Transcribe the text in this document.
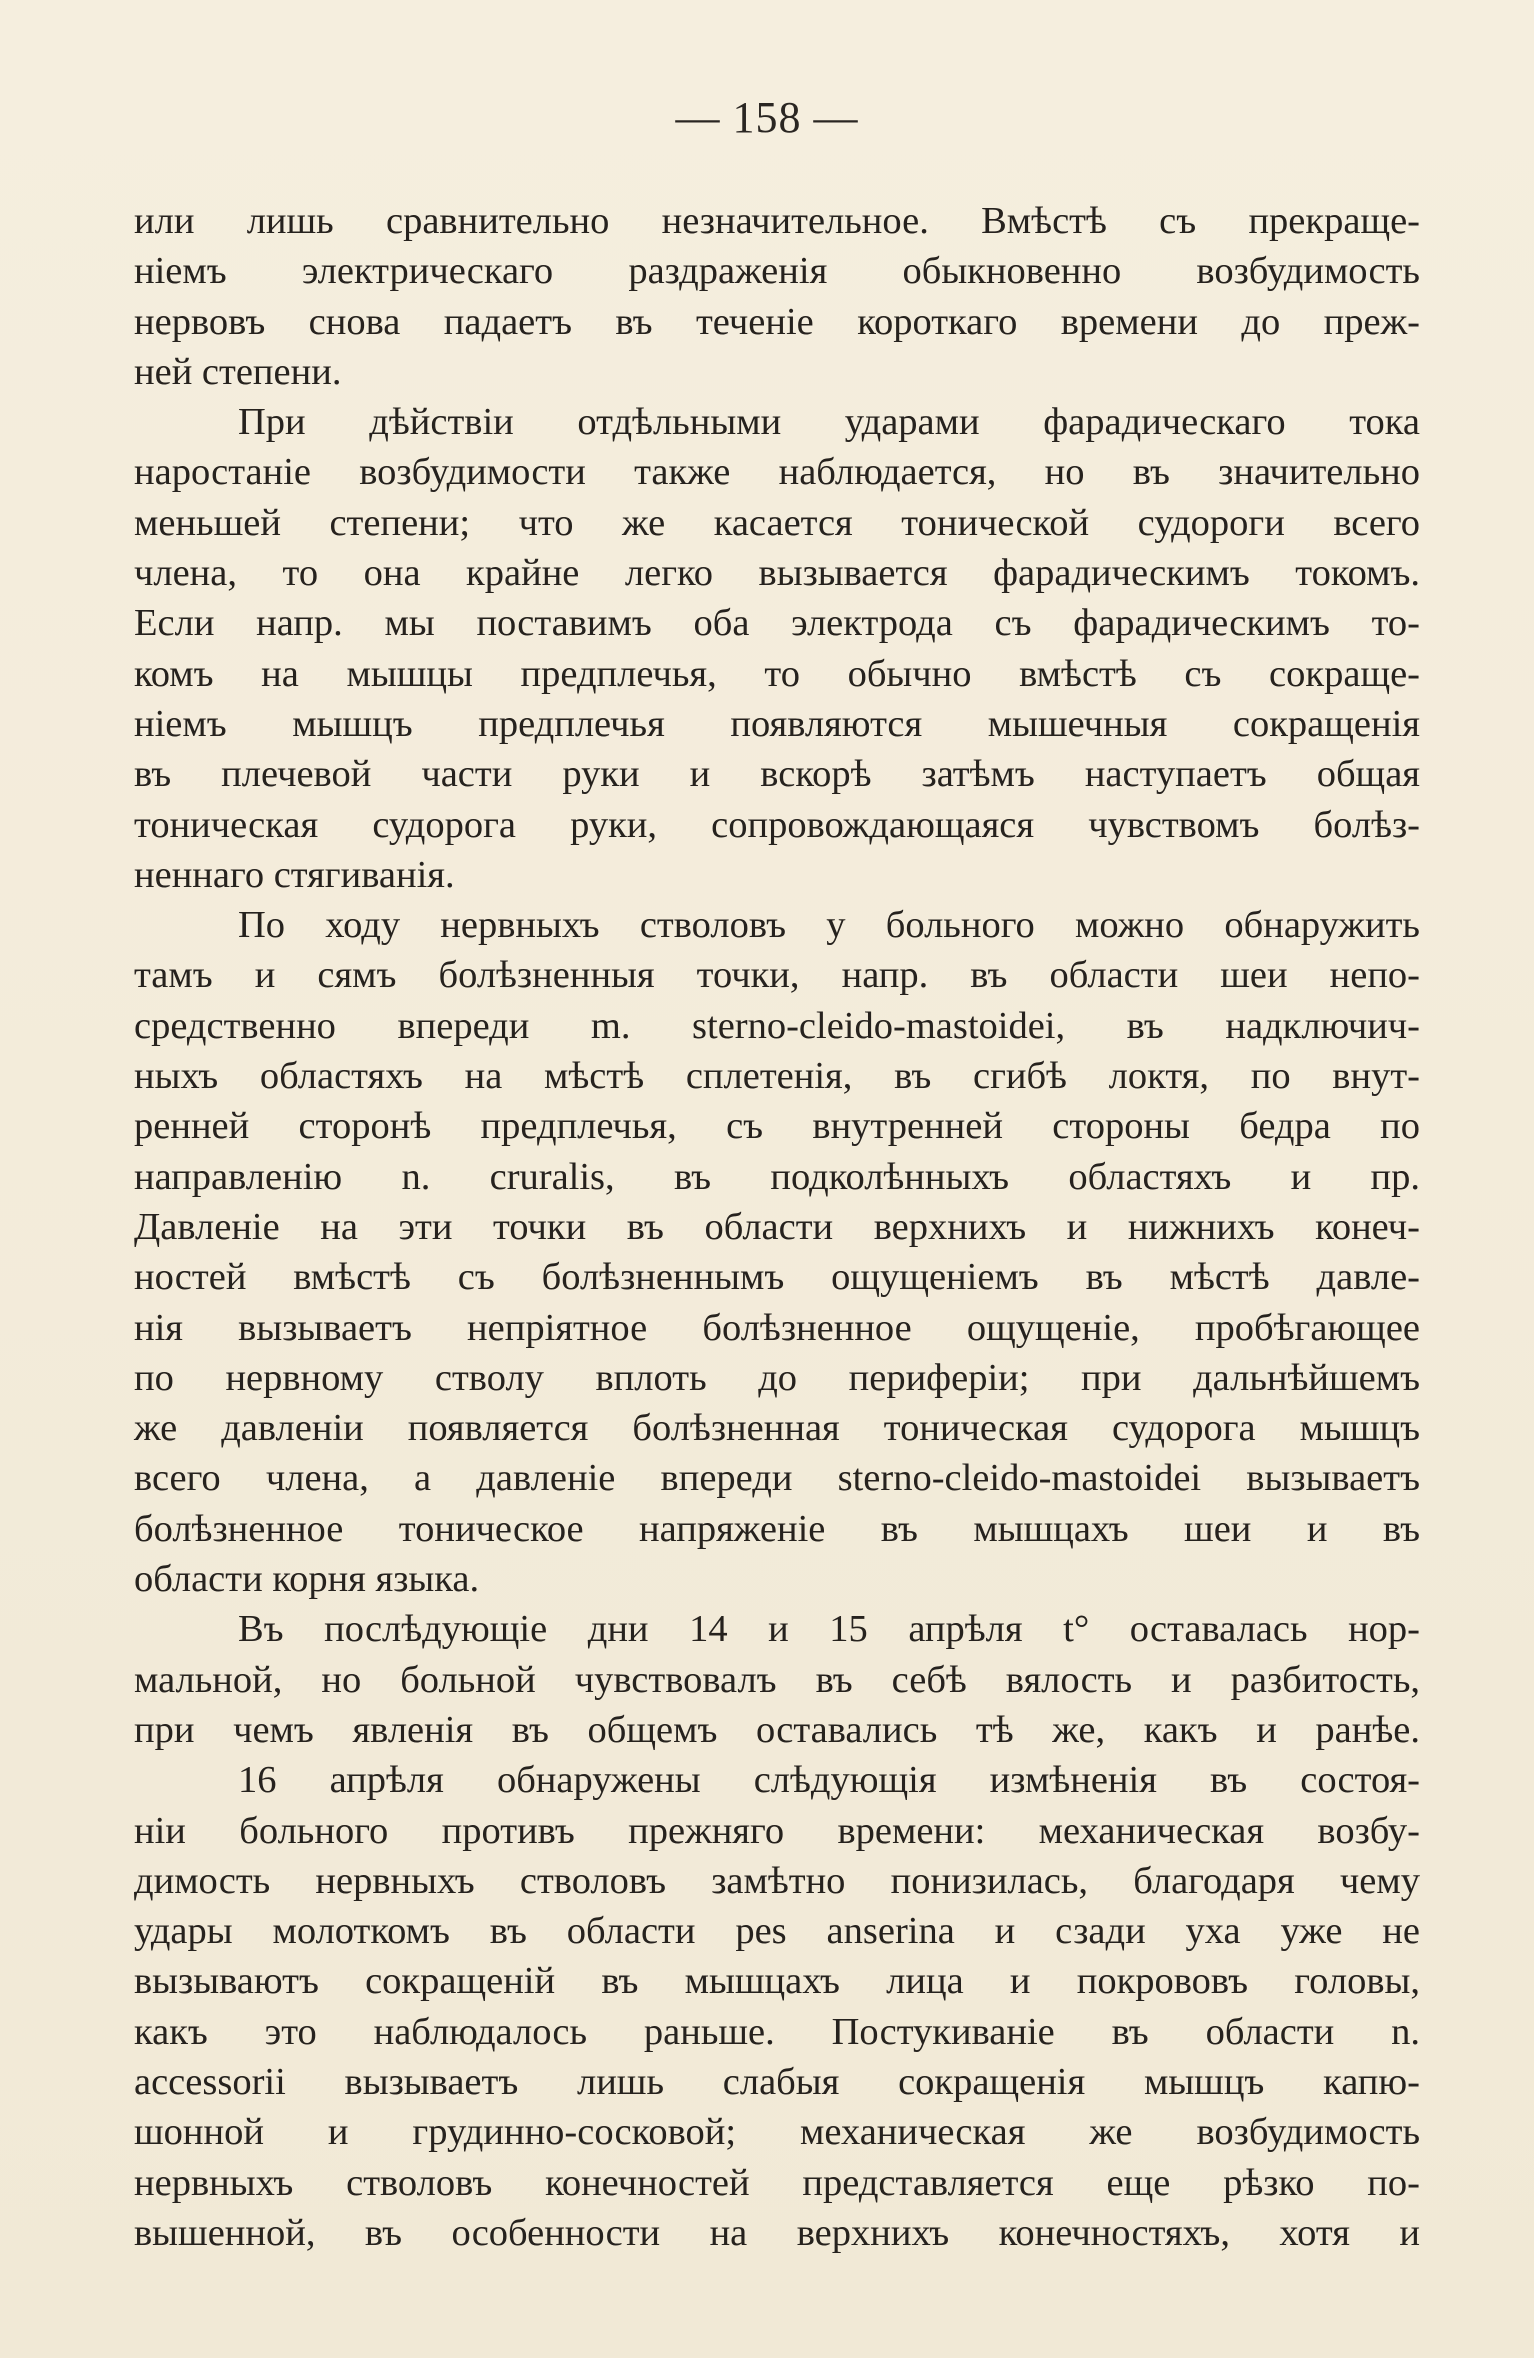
— 158 —
или лишь сравнительно незначительное. Вмѣстѣ съ прекраще-
ніемъ электрическаго раздраженія обыкновенно возбудимость
нервовъ снова падаетъ въ теченіе короткаго времени до преж-
ней степени.
При дѣйствіи отдѣльными ударами фарадическаго тока
наростаніе возбудимости также наблюдается, но въ значительно
меньшей степени; что же касается тонической судороги всего
члена, то она крайне легко вызывается фарадическимъ токомъ.
Если напр. мы поставимъ оба электрода съ фарадическимъ то-
комъ на мышцы предплечья, то обычно вмѣстѣ съ сокраще-
ніемъ мышцъ предплечья появляются мышечныя сокращенія
въ плечевой части руки и вскорѣ затѣмъ наступаетъ общая
тоническая судорога руки, сопровождающаяся чувствомъ болѣз-
неннаго стягиванія.
По ходу нервныхъ стволовъ у больного можно обнаружить
тамъ и сямъ болѣзненныя точки, напр. въ области шеи непо-
средственно впереди m. sterno-cleido-mastoidei, въ надключич-
ныхъ областяхъ на мѣстѣ сплетенія, въ сгибѣ локтя, по внут-
ренней сторонѣ предплечья, съ внутренней стороны бедра по
направленію n. cruralis, въ подколѣнныхъ областяхъ и пр.
Давленіе на эти точки въ области верхнихъ и нижнихъ конеч-
ностей вмѣстѣ съ болѣзненнымъ ощущеніемъ въ мѣстѣ давле-
нія вызываетъ непріятное болѣзненное ощущеніе, пробѣгающее
по нервному стволу вплоть до периферіи; при дальнѣйшемъ
же давленіи появляется болѣзненная тоническая судорога мышцъ
всего члена, а давленіе впереди sterno-cleido-mastoidei вызываетъ
болѣзненное тоническое напряженіе въ мышцахъ шеи и въ
области корня языка.
Въ послѣдующіе дни 14 и 15 апрѣля t° оставалась нор-
мальной, но больной чувствовалъ въ себѣ вялость и разбитость,
при чемъ явленія въ общемъ оставались тѣ же, какъ и ранѣе.
16 апрѣля обнаружены слѣдующія измѣненія въ состоя-
ніи больного противъ прежняго времени: механическая возбу-
димость нервныхъ стволовъ замѣтно понизилась, благодаря чему
удары молоткомъ въ области pes anserina и сзади уха уже не
вызываютъ сокращеній въ мышцахъ лица и покрововъ головы,
какъ это наблюдалось раньше. Постукиваніе въ области n.
accessorii вызываетъ лишь слабыя сокращенія мышцъ капю-
шонной и грудинно-сосковой; механическая же возбудимость
нервныхъ стволовъ конечностей представляется еще рѣзко по-
вышенной, въ особенности на верхнихъ конечностяхъ, хотя и
